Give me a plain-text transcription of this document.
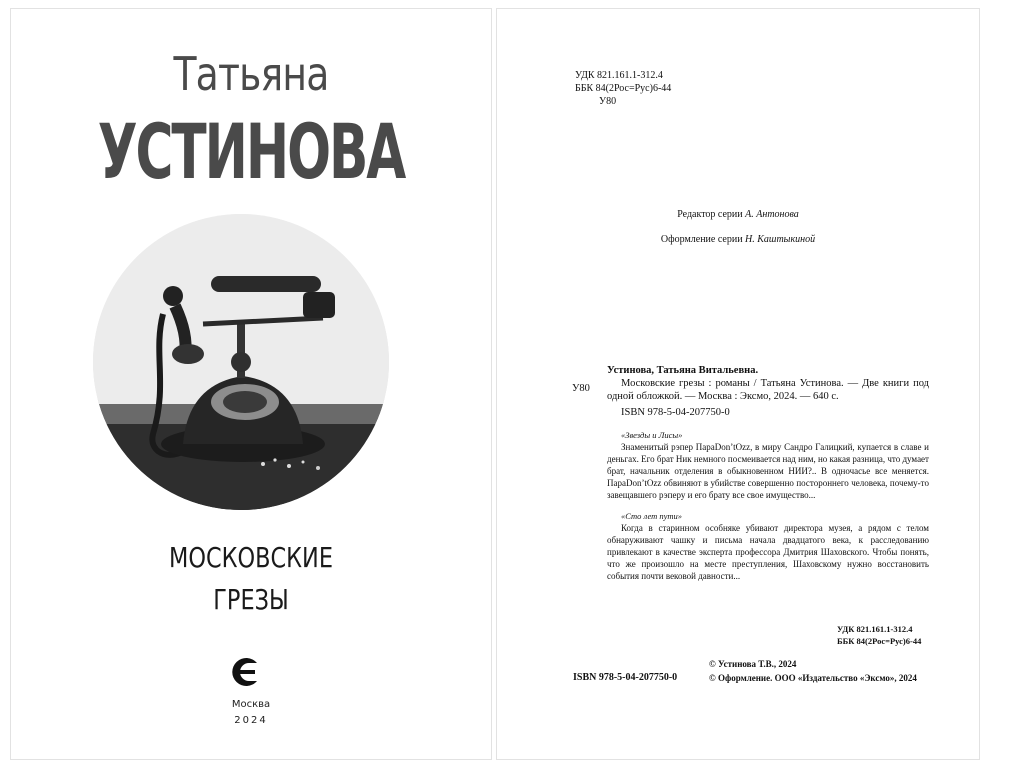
Татьяна
УСТИНОВА
МОСКОВСКИЕ
ГРЕЗЫ
Москва
2024
УДК 821.161.1-312.4
ББК 84(2Рос=Рус)6-44
У80
Редактор серии А. Антонова
Оформление серии Н. Каштыкиной
У80
Устинова, Татьяна Витальевна.
Московские грезы : романы / Татьяна Устинова. — Две книги под одной обложкой. — Москва : Эксмо, 2024. — 640 с.
ISBN 978-5-04-207750-0
«Звезды и Лисы»
Знаменитый рэпер ПараDon’tOzz, в миру Сандро Галицкий, купается в славе и деньгах. Его брат Ник немного посмеивается над ним, но какая разница, что думает брат, начальник отделения в обыкновенном НИИ?.. В одночасье все меняется. ПараDon’tOzz обвиняют в убийстве совершенно постороннего человека, почему-то завещавшего рэперу и его брату все свое имущество...
«Сто лет пути»
Когда в старинном особняке убивают директора музея, а рядом с телом обнаруживают чашку и письма начала двадцатого века, к расследованию привлекают в качестве эксперта профессора Дмитрия Шаховского. Чтобы понять, что же произошло на месте преступления, Шаховскому нужно восстановить события почти вековой давности...
УДК 821.161.1-312.4
ББК 84(2Рос=Рус)6-44
© Устинова Т.В., 2024
© Оформление. ООО «Издательство «Эксмо», 2024
ISBN 978-5-04-207750-0
